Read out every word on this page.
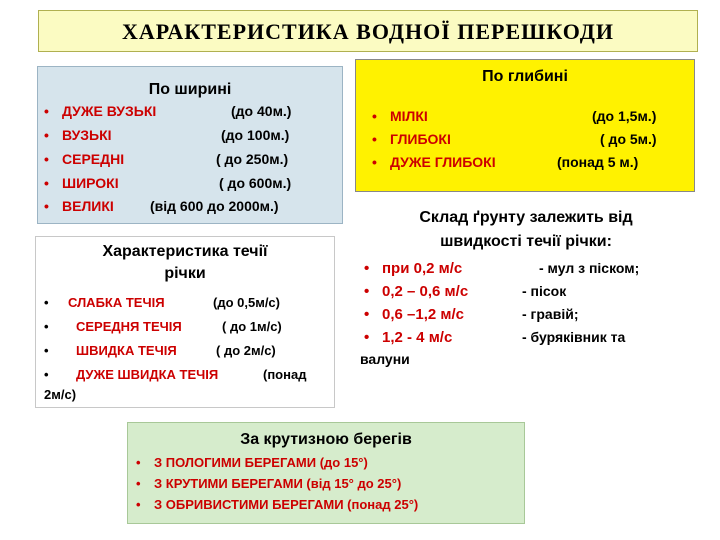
ХАРАКТЕРИСТИКА ВОДНОЇ ПЕРЕШКОДИ
По ширині
• ДУЖЕ ВУЗЬКІ	(до 40м.)
• ВУЗЬКІ	(до 100м.)
• СЕРЕДНІ	( до 250м.)
• ШИРОКІ	( до 600м.)
• ВЕЛИКІ	(від 600 до 2000м.)
По глибині
• МІЛКІ	(до 1,5м.)
• ГЛИБОКІ	( до 5м.)
• ДУЖЕ ГЛИБОКІ	(понад 5 м.)
Характеристика течії
річки
• СЛАБКА ТЕЧІЯ	(до 0,5м/с)
• СЕРЕДНЯ ТЕЧІЯ	( до 1м/с)
• ШВИДКА ТЕЧІЯ	( до 2м/с)
• ДУЖЕ ШВИДКА ТЕЧІЯ	(понад
2м/с)
Склад ґрунту залежить від
швидкості течії річки:
• при 0,2 м/с	- мул з піском;
• 0,2 – 0,6 м/с	- пісок
• 0,6 –1,2 м/с	- гравій;
• 1,2 - 4 м/с	- буряківник та
валуни
За крутизною берегів
• З ПОЛОГИМИ БЕРЕГАМИ (до 15°)
• З КРУТИМИ БЕРЕГАМИ (від 15° до 25°)
• З ОБРИВИСТИМИ БЕРЕГАМИ (понад 25°)
